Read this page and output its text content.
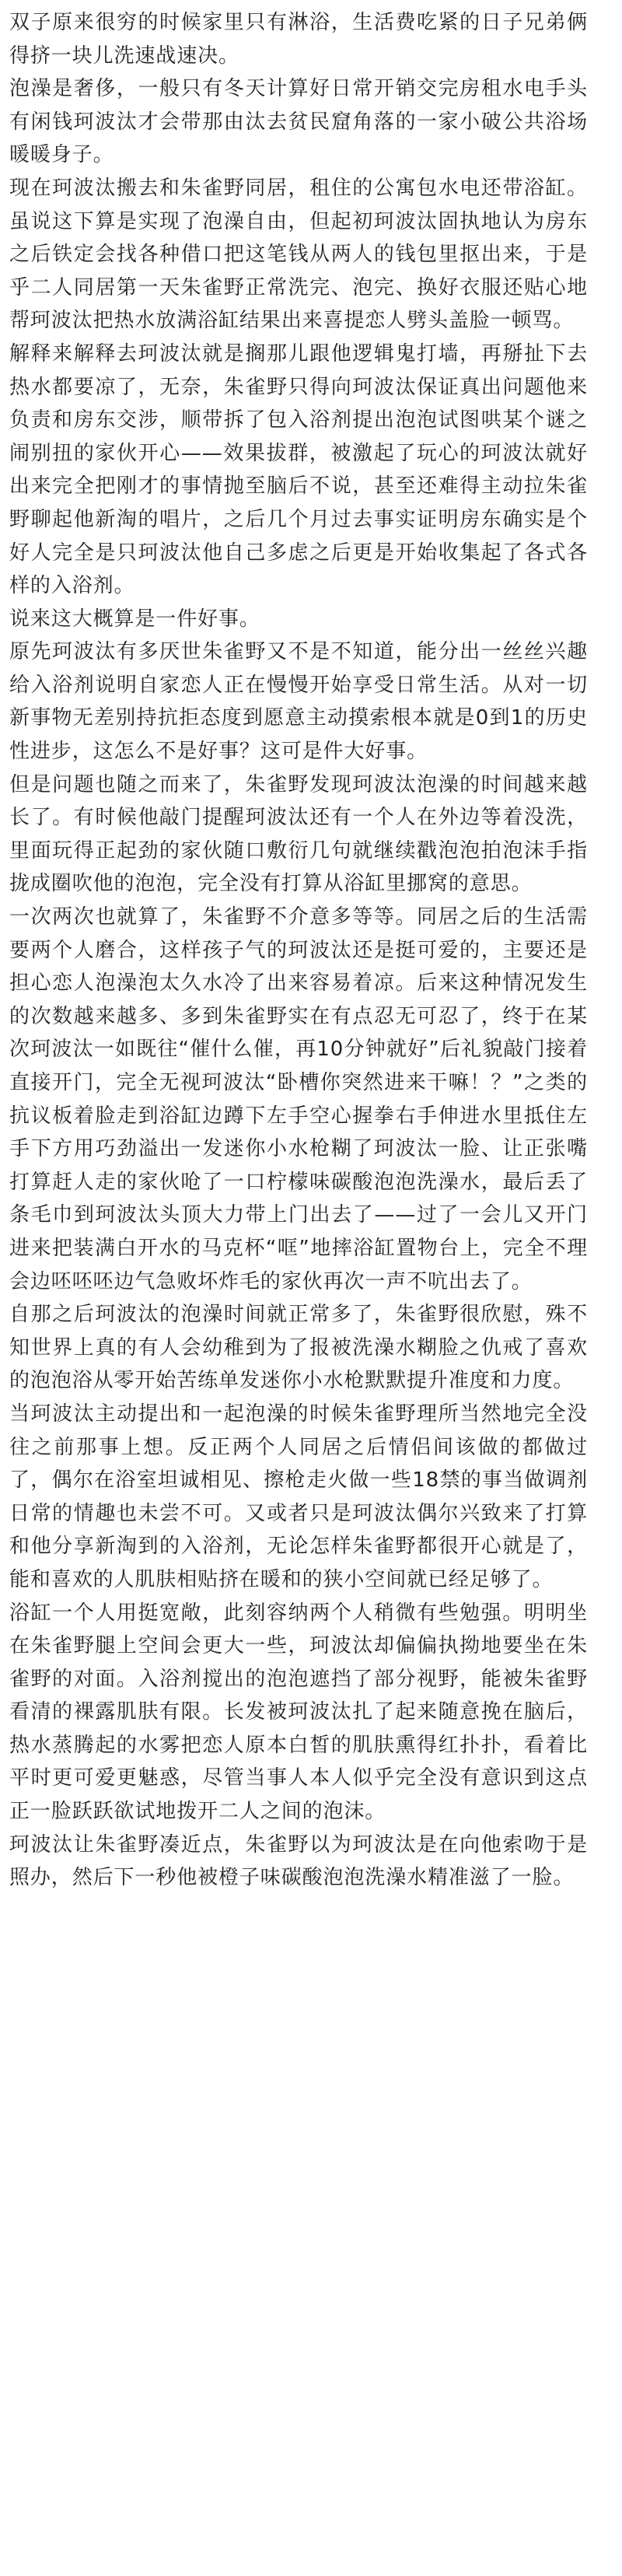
双子原来很穷的时候家里只有淋浴，生活费吃紧的日子兄弟俩得挤一块儿洗速战速决。

泡澡是奢侈，一般只有冬天计算好日常开销交完房租水电手头有闲钱珂波汰才会带那由汰去贫民窟角落的一家小破公共浴场暖暖身子。

现在珂波汰搬去和朱雀野同居，租住的公寓包水电还带浴缸。虽说这下算是实现了泡澡自由，但起初珂波汰固执地认为房东之后铁定会找各种借口把这笔钱从两人的钱包里抠出来，于是乎二人同居第一天朱雀野正常洗完、泡完、换好衣服还贴心地帮珂波汰把热水放满浴缸结果出来喜提恋人劈头盖脸一顿骂。

解释来解释去珂波汰就是搁那儿跟他逻辑鬼打墙，再掰扯下去热水都要凉了，无奈，朱雀野只得向珂波汰保证真出问题他来负责和房东交涉，顺带拆了包入浴剂提出泡泡试图哄某个谜之闹别扭的家伙开心——效果拔群，被激起了玩心的珂波汰就好出来完全把刚才的事情抛至脑后不说，甚至还难得主动拉朱雀野聊起他新淘的唱片，之后几个月过去事实证明房东确实是个好人完全是只珂波汰他自己多虑之后更是开始收集起了各式各样的入浴剂。

说来这大概算是一件好事。

原先珂波汰有多厌世朱雀野又不是不知道，能分出一丝丝兴趣给入浴剂说明自家恋人正在慢慢开始享受日常生活。从对一切新事物无差别持抗拒态度到愿意主动摸索根本就是0到1的历史性进步，这怎么不是好事？这可是件大好事。

但是问题也随之而来了，朱雀野发现珂波汰泡澡的时间越来越长了。有时候他敲门提醒珂波汰还有一个人在外边等着没洗，里面玩得正起劲的家伙随口敷衍几句就继续戳泡泡拍泡沫手指拢成圈吹他的泡泡，完全没有打算从浴缸里挪窝的意思。

一次两次也就算了，朱雀野不介意多等等。同居之后的生活需要两个人磨合，这样孩子气的珂波汰还是挺可爱的，主要还是担心恋人泡澡泡太久水冷了出来容易着凉。后来这种情况发生的次数越来越多、多到朱雀野实在有点忍无可忍了，终于在某次珂波汰一如既往“催什么催，再10分钟就好”后礼貌敲门接着直接开门，完全无视珂波汰“卧槽你突然进来干嘛！？”之类的抗议板着脸走到浴缸边蹲下左手空心握拳右手伸进水里抵住左手下方用巧劲溢出一发迷你小水枪糊了珂波汰一脸、让正张嘴打算赶人走的家伙呛了一口柠檬味碳酸泡泡洗澡水，最后丢了条毛巾到珂波汰头顶大力带上门出去了——过了一会儿又开门进来把装满白开水的马克杯“哐”地摔浴缸置物台上，完全不理会边呸呸呸边气急败坏炸毛的家伙再次一声不吭出去了。

自那之后珂波汰的泡澡时间就正常多了，朱雀野很欣慰，殊不知世界上真的有人会幼稚到为了报被洗澡水糊脸之仇戒了喜欢的泡泡浴从零开始苦练单发迷你小水枪默默提升准度和力度。

当珂波汰主动提出和一起泡澡的时候朱雀野理所当然地完全没往之前那事上想。反正两个人同居之后情侣间该做的都做过了，偶尔在浴室坦诚相见、擦枪走火做一些18禁的事当做调剂日常的情趣也未尝不可。又或者只是珂波汰偶尔兴致来了打算和他分享新淘到的入浴剂，无论怎样朱雀野都很开心就是了，能和喜欢的人肌肤相贴挤在暖和的狭小空间就已经足够了。

浴缸一个人用挺宽敞，此刻容纳两个人稍微有些勉强。明明坐在朱雀野腿上空间会更大一些，珂波汰却偏偏执拗地要坐在朱雀野的对面。入浴剂搅出的泡泡遮挡了部分视野，能被朱雀野看清的裸露肌肤有限。长发被珂波汰扎了起来随意挽在脑后，热水蒸腾起的水雾把恋人原本白皙的肌肤熏得红扑扑，看着比平时更可爱更魅惑，尽管当事人本人似乎完全没有意识到这点正一脸跃跃欲试地拨开二人之间的泡沫。

珂波汰让朱雀野凑近点，朱雀野以为珂波汰是在向他索吻于是照办，然后下一秒他被橙子味碳酸泡泡洗澡水精准滋了一脸。
